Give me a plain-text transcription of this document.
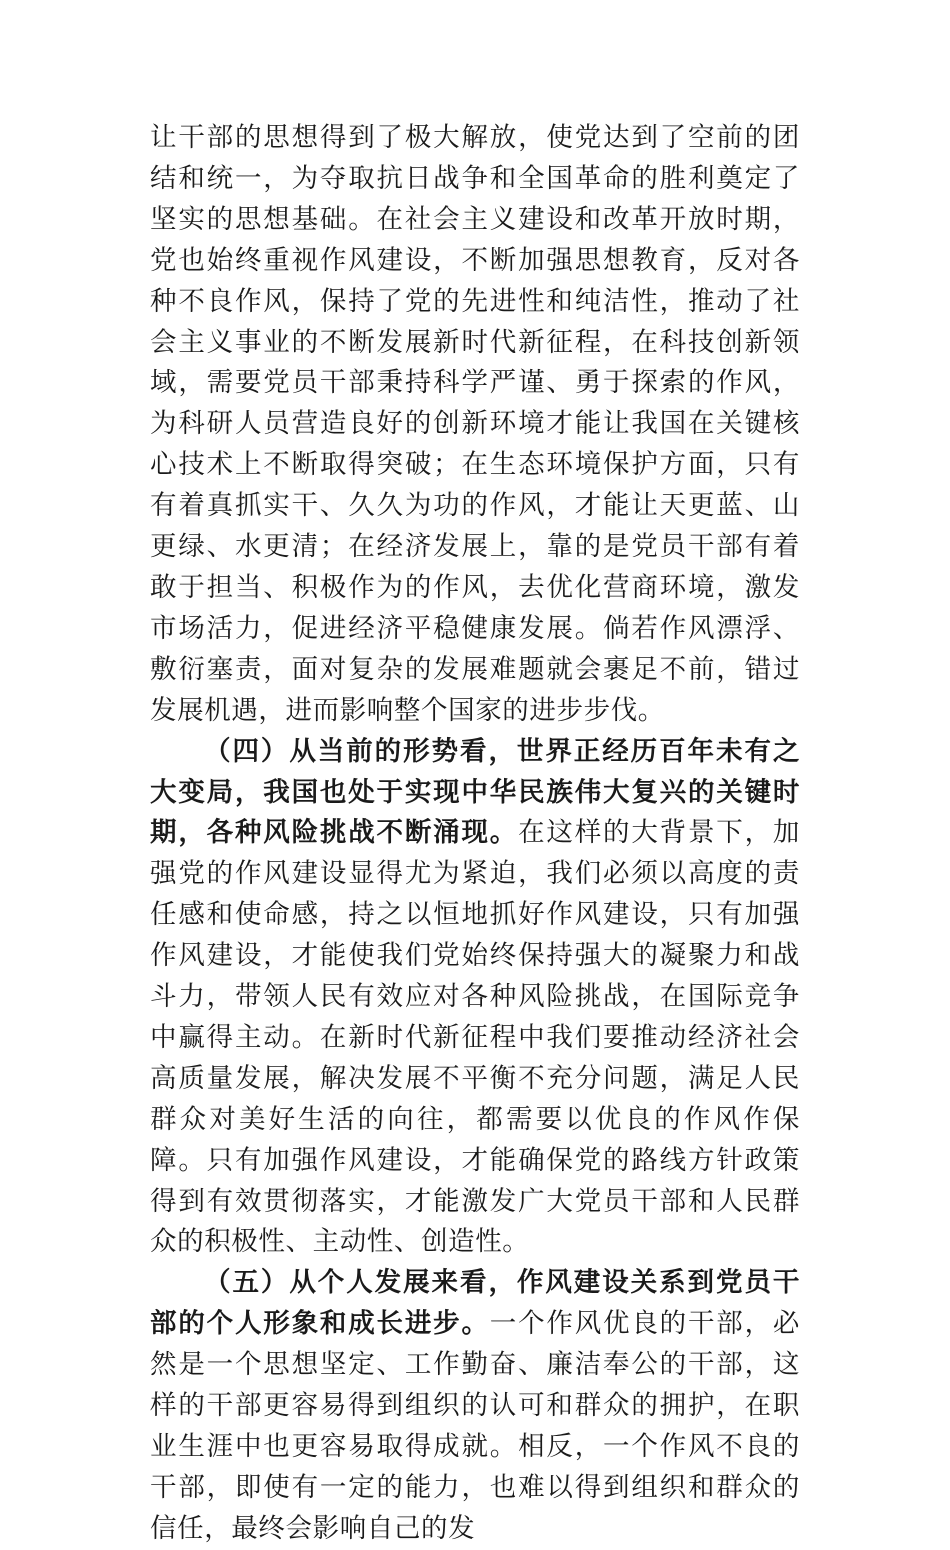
让干部的思想得到了极大解放，使党达到了空前的团结和统一，为夺取抗日战争和全国革命的胜利奠定了坚实的思想基础。在社会主义建设和改革开放时期，党也始终重视作风建设，不断加强思想教育，反对各种不良作风，保持了党的先进性和纯洁性，推动了社会主义事业的不断发展新时代新征程，在科技创新领域，需要党员干部秉持科学严谨、勇于探索的作风，为科研人员营造良好的创新环境才能让我国在关键核心技术上不断取得突破；在生态环境保护方面，只有有着真抓实干、久久为功的作风，才能让天更蓝、山更绿、水更清；在经济发展上，靠的是党员干部有着敢于担当、积极作为的作风，去优化营商环境，激发市场活力，促进经济平稳健康发展。倘若作风漂浮、敷衍塞责，面对复杂的发展难题就会裹足不前，错过发展机遇，进而影响整个国家的进步步伐。

（四）从当前的形势看，世界正经历百年未有之大变局，我国也处于实现中华民族伟大复兴的关键时期，各种风险挑战不断涌现。在这样的大背景下，加强党的作风建设显得尤为紧迫，我们必须以高度的责任感和使命感，持之以恒地抓好作风建设，只有加强作风建设，才能使我们党始终保持强大的凝聚力和战斗力，带领人民有效应对各种风险挑战，在国际竞争中赢得主动。在新时代新征程中我们要推动经济社会高质量发展，解决发展不平衡不充分问题，满足人民群众对美好生活的向往，都需要以优良的作风作保障。只有加强作风建设，才能确保党的路线方针政策得到有效贯彻落实，才能激发广大党员干部和人民群众的积极性、主动性、创造性。

（五）从个人发展来看，作风建设关系到党员干部的个人形象和成长进步。一个作风优良的干部，必然是一个思想坚定、工作勤奋、廉洁奉公的干部，这样的干部更容易得到组织的认可和群众的拥护，在职业生涯中也更容易取得成就。相反，一个作风不良的干部，即使有一定的能力，也难以得到组织和群众的信任，最终会影响自己的发
